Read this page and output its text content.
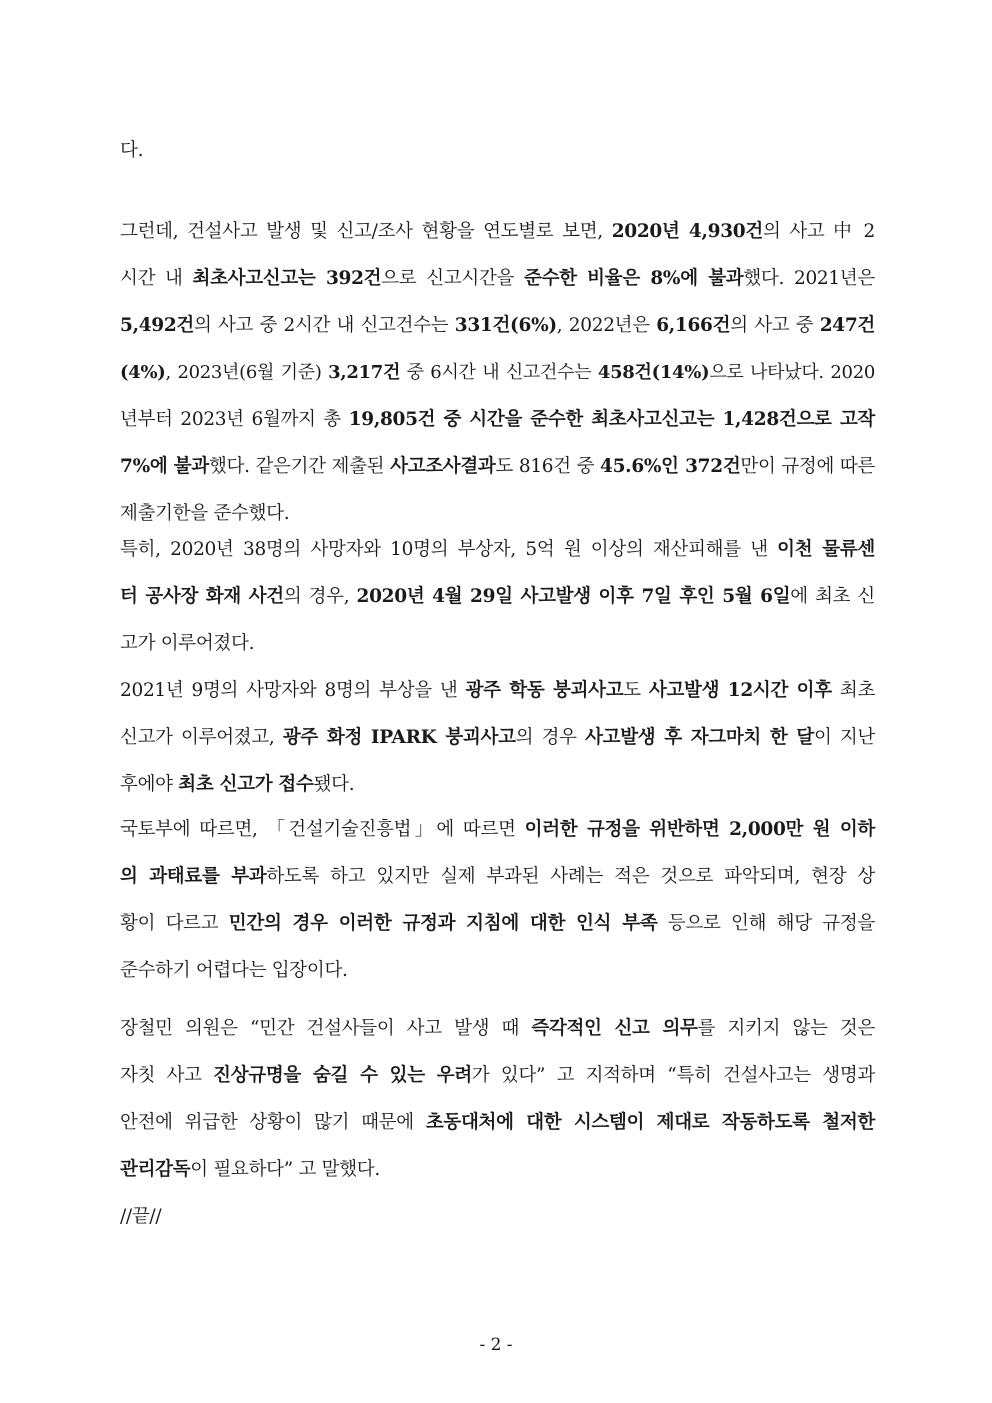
다.
그런데, 건설사고 발생 및 신고/조사 현황을 연도별로 보면, 2020년 4,930건의 사고 中 2
시간 내 최초사고신고는 392건으로 신고시간을 준수한 비율은 8%에 불과했다. 2021년은
5,492건의 사고 중 2시간 내 신고건수는 331건(6%), 2022년은 6,166건의 사고 중 247건
(4%), 2023년(6월 기준) 3,217건 중 6시간 내 신고건수는 458건(14%)으로 나타났다. 2020
년부터 2023년 6월까지 총 19,805건 중 시간을 준수한 최초사고신고는 1,428건으로 고작
7%에 불과했다. 같은기간 제출된 사고조사결과도 816건 중 45.6%인 372건만이 규정에 따른
제출기한을 준수했다.
특히, 2020년 38명의 사망자와 10명의 부상자, 5억 원 이상의 재산피해를 낸 이천 물류센
터 공사장 화재 사건의 경우, 2020년 4월 29일 사고발생 이후 7일 후인 5월 6일에 최초 신
고가 이루어졌다.
2021년 9명의 사망자와 8명의 부상을 낸 광주 학동 붕괴사고도 사고발생 12시간 이후 최초
신고가 이루어졌고, 광주 화정 IPARK 붕괴사고의 경우 사고발생 후 자그마치 한 달이 지난
후에야 최초 신고가 접수됐다.
국토부에 따르면, 「건설기술진흥법」에 따르면 이러한 규정을 위반하면 2,000만 원 이하
의 과태료를 부과하도록 하고 있지만 실제 부과된 사례는 적은 것으로 파악되며, 현장 상
황이 다르고 민간의 경우 이러한 규정과 지침에 대한 인식 부족 등으로 인해 해당 규정을
준수하기 어렵다는 입장이다.
장철민 의원은 “민간 건설사들이 사고 발생 때 즉각적인 신고 의무를 지키지 않는 것은
자칫 사고 진상규명을 숨길 수 있는 우려가 있다” 고 지적하며 “특히 건설사고는 생명과
안전에 위급한 상황이 많기 때문에 초동대처에 대한 시스템이 제대로 작동하도록 철저한
관리감독이 필요하다” 고 말했다.
//끝//
- 2 -
